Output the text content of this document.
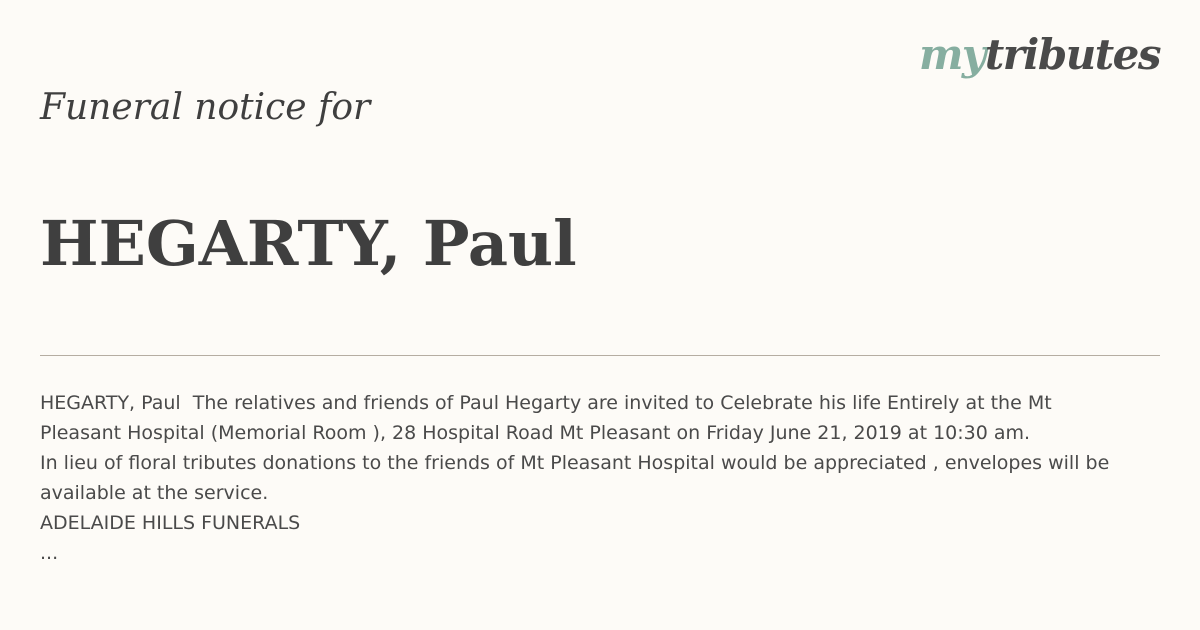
mytributes
Funeral notice for
HEGARTY, Paul

HEGARTY, Paul  The relatives and friends of Paul Hegarty are invited to Celebrate his life Entirely at the Mt Pleasant Hospital (Memorial Room ), 28 Hospital Road Mt Pleasant on Friday June 21, 2019 at 10:30 am.

In lieu of floral tributes donations to the friends of Mt Pleasant Hospital would be appreciated , envelopes will be available at the service.

ADELAIDE HILLS FUNERALS

...
